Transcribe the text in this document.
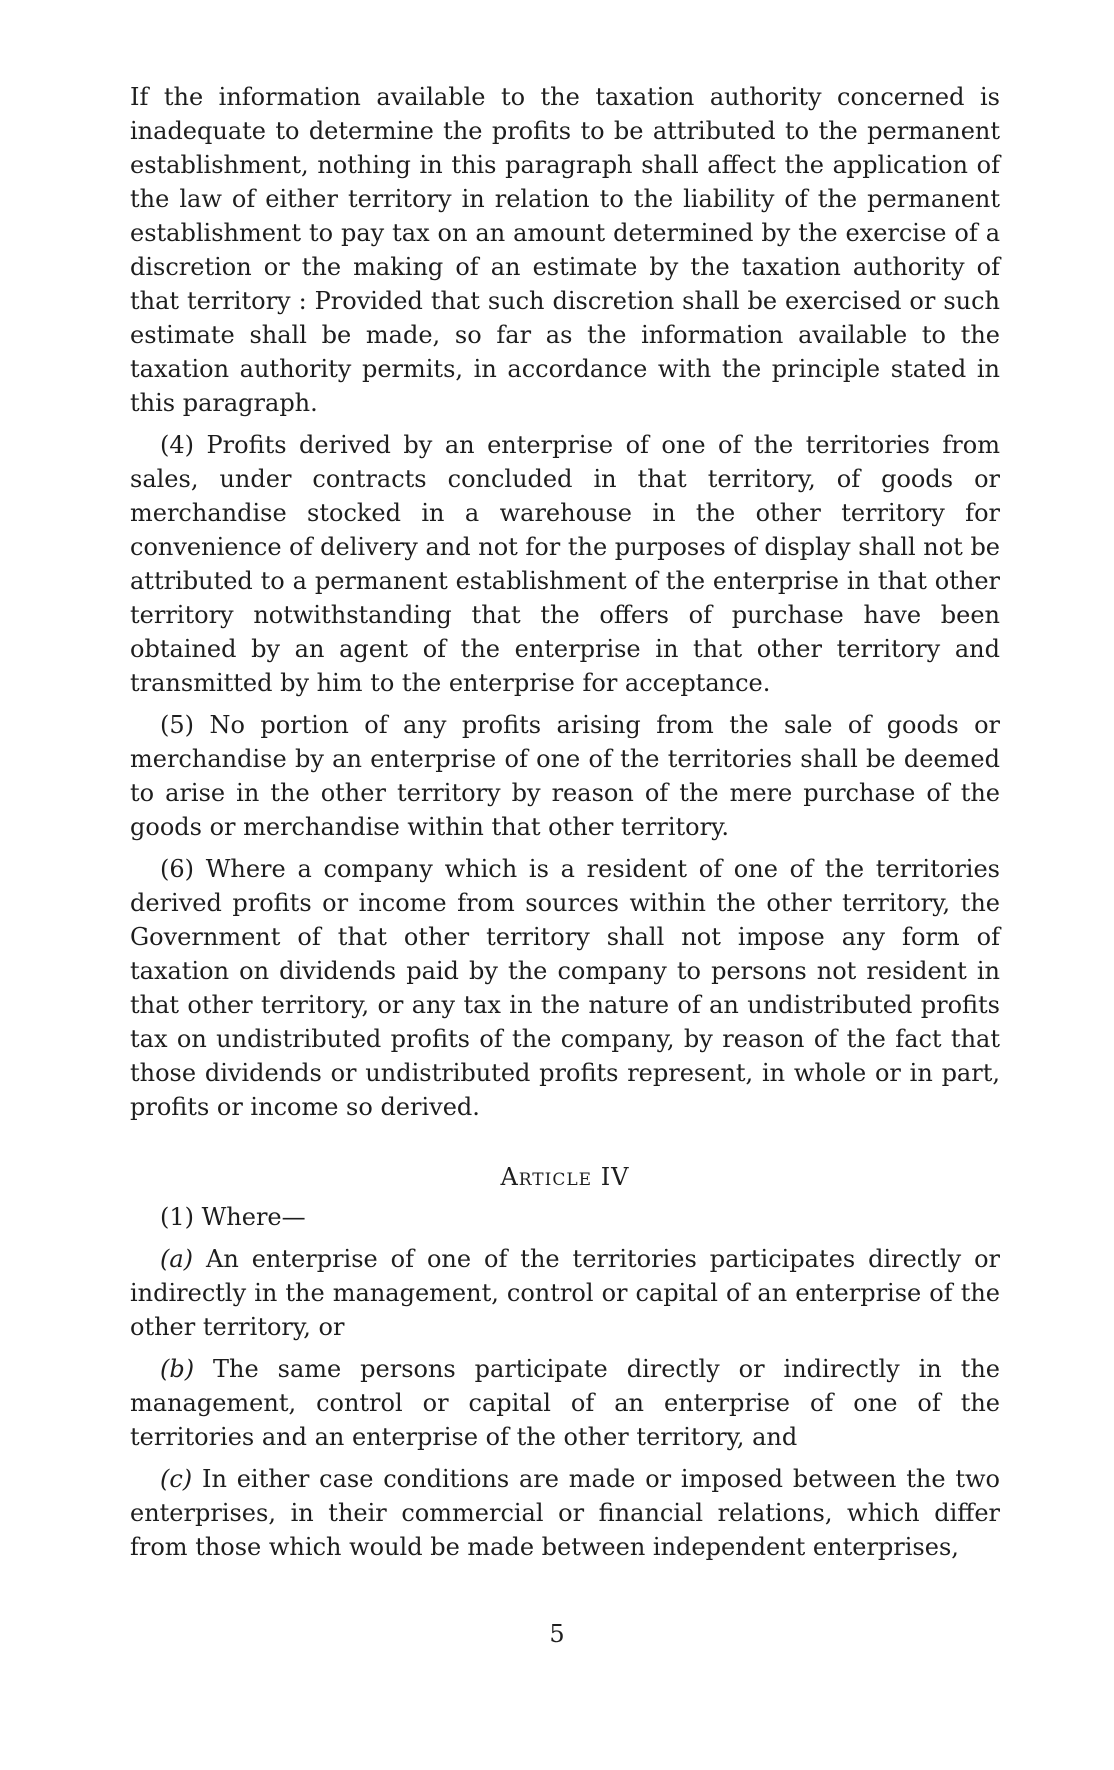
If the information available to the taxation authority concerned is inadequate to determine the profits to be attributed to the permanent establishment, nothing in this paragraph shall affect the application of the law of either territory in relation to the liability of the permanent establishment to pay tax on an amount determined by the exercise of a discretion or the making of an estimate by the taxation authority of that territory : Provided that such discretion shall be exercised or such estimate shall be made, so far as the information available to the taxation authority permits, in accordance with the principle stated in this paragraph.

(4) Profits derived by an enterprise of one of the territories from sales, under contracts concluded in that territory, of goods or merchandise stocked in a warehouse in the other territory for convenience of delivery and not for the purposes of display shall not be attributed to a permanent establishment of the enterprise in that other territory notwithstanding that the offers of purchase have been obtained by an agent of the enterprise in that other territory and transmitted by him to the enterprise for acceptance.

(5) No portion of any profits arising from the sale of goods or merchandise by an enterprise of one of the territories shall be deemed to arise in the other territory by reason of the mere purchase of the goods or merchandise within that other territory.

(6) Where a company which is a resident of one of the territories derived profits or income from sources within the other territory, the Government of that other territory shall not impose any form of taxation on dividends paid by the company to persons not resident in that other territory, or any tax in the nature of an undistributed profits tax on undistributed profits of the company, by reason of the fact that those dividends or undistributed profits represent, in whole or in part, profits or income so derived.

Article IV

(1) Where—

(a) An enterprise of one of the territories participates directly or indirectly in the management, control or capital of an enterprise of the other territory, or

(b) The same persons participate directly or indirectly in the management, control or capital of an enterprise of one of the territories and an enterprise of the other territory, and

(c) In either case conditions are made or imposed between the two enterprises, in their commercial or financial relations, which differ from those which would be made between independent enterprises,

5
